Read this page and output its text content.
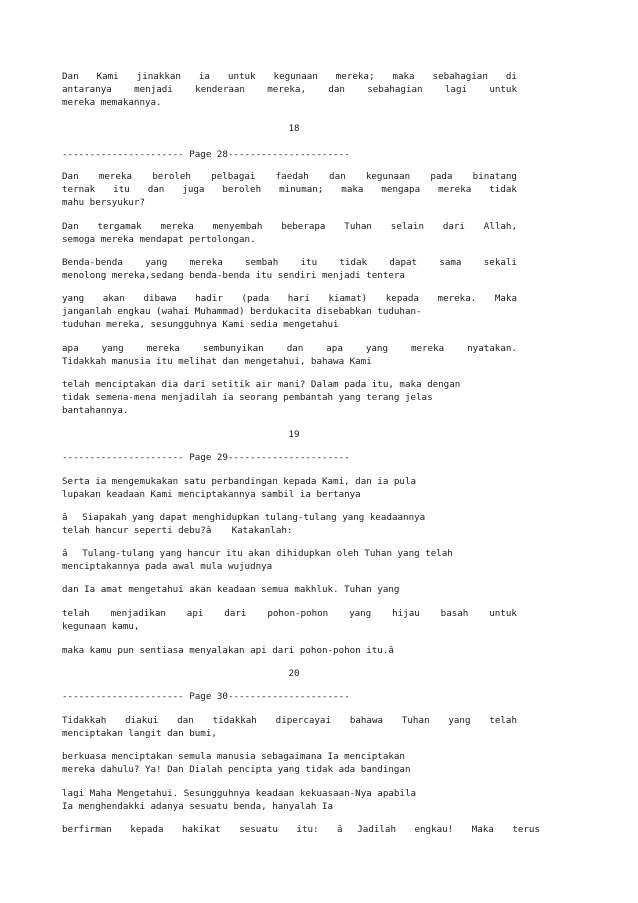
Dan Kami jinakkan ia untuk kegunaan mereka; maka sebahagian di
antaranya menjadi kenderaan mereka, dan sebahagian lagi untuk
mereka memakannya.
18
---------------------- Page 28----------------------
Dan mereka beroleh pelbagai faedah dan kegunaan pada binatang
ternak itu dan juga beroleh minuman; maka mengapa mereka tidak
mahu bersyukur?
Dan tergamak mereka menyembah beberapa Tuhan selain dari Allah,
semoga mereka mendapat pertolongan.
Benda-benda yang mereka sembah itu tidak dapat sama sekali
menolong mereka,sedang benda-benda itu sendiri menjadi tentera
yang akan dibawa hadir (pada hari kiamat) kepada mereka. Maka
janganlah engkau (wahai Muhammad) berdukacita disebabkan tuduhan-
tuduhan mereka, sesungguhnya Kami sedia mengetahui
apa yang mereka sembunyikan dan apa yang mereka nyatakan.
Tidakkah manusia itu melihat dan mengetahui, bahawa Kami
telah menciptakan dia dari setitik air mani? Dalam pada itu, maka dengan
tidak semena-mena menjadilah ia seorang pembantah yang terang jelas
bantahannya.
19
---------------------- Page 29----------------------
Serta ia mengemukakan satu perbandingan kepada Kami, dan ia pula
lupakan keadaan Kami menciptakannya sambil ia bertanya
âSiapakah yang dapat menghidupkan tulang-tulang yang keadaannya
telah hancur seperti debu?â Katakanlah:
âTulang-tulang yang hancur itu akan dihidupkan oleh Tuhan yang telah
menciptakannya pada awal mula wujudnya
dan Ia amat mengetahui akan keadaan semua makhluk. Tuhan yang
telah menjadikan api dari pohon-pohon yang hijau basah untuk
kegunaan kamu,
maka kamu pun sentiasa menyalakan api dari pohon-pohon itu.â
20
---------------------- Page 30----------------------
Tidakkah diakui dan tidakkah dipercayai bahawa Tuhan yang telah
menciptakan langit dan bumi,
berkuasa menciptakan semula manusia sebagaimana Ia menciptakan
mereka dahulu? Ya! Dan Dialah pencipta yang tidak ada bandingan
lagi Maha Mengetahui. Sesungguhnya keadaan kekuasaan-Nya apabila
Ia menghendakki adanya sesuatu benda, hanyalah Ia
berfirman kepada hakikat sesuatu itu: âJadilah engkau! Maka terus
